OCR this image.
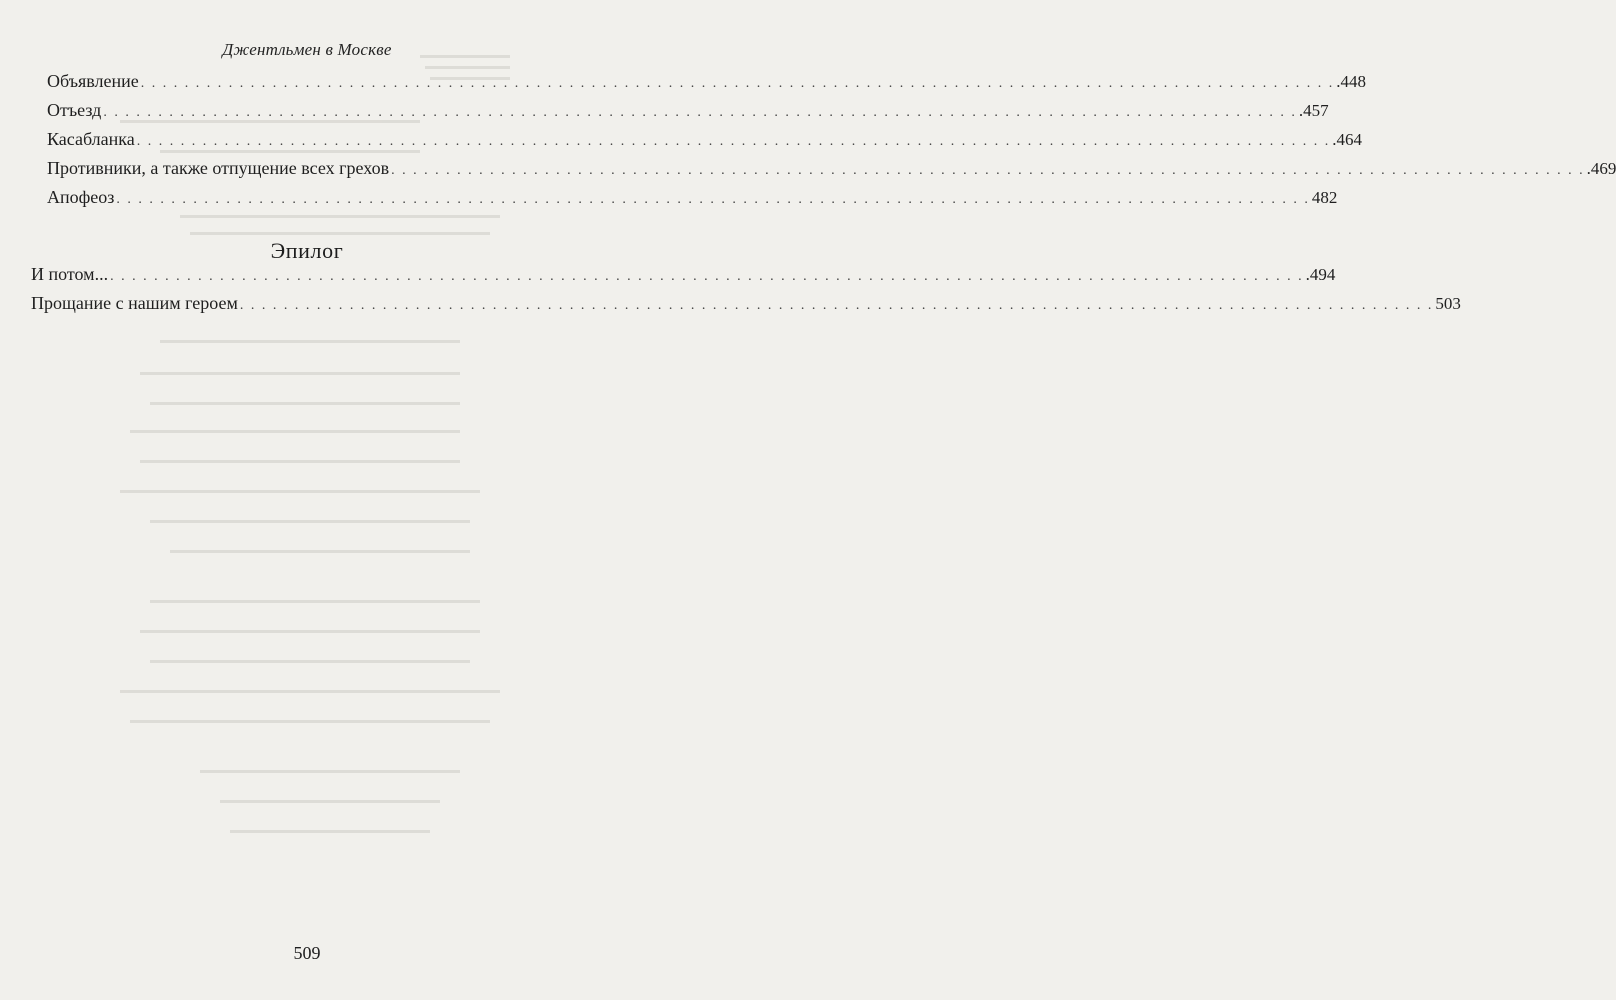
Джентльмен в Москве
Объявление . . . . . . . . . . . . . . . . . . . . . . . . . . . . . . . . . . . . . . . . . . . . . . . . . . . . . . . . . . . . . . . . . . . . . . . . . . . . . . . . . . . . . . . . . . . . . . . . . . . . . . . . . . . . . .448
Отъезд . . . . . . . . . . . . . . . . . . . . . . . . . . . . . . . . . . . . . . . . . . . . . . . . . . . . . . . . . . . . . . . . . . . . . . . . . . . . . . . . . . . . . . . . . . . . . . . . . . . . . . . . . . . . . .457
Касабланка . . . . . . . . . . . . . . . . . . . . . . . . . . . . . . . . . . . . . . . . . . . . . . . . . . . . . . . . . . . . . . . . . . . . . . . . . . . . . . . . . . . . . . . . . . . . . . . . . . . . . . . . . . . . . .464
Противники, а также отпущение всех грехов . . . . . . . . . . . . . . . . . . . . . . . . . . . . . . . . . . . . . . . . . . . . . . . . . . . . . . . . . . . . . . . . . . . . . . . . . . . . . . . . . . . . . . . . . . . . . . . . . . . . . . . . . . . . . .469
Апофеоз . . . . . . . . . . . . . . . . . . . . . . . . . . . . . . . . . . . . . . . . . . . . . . . . . . . . . . . . . . . . . . . . . . . . . . . . . . . . . . . . . . . . . . . . . . . . . . . . . . . . . . . . . . . . . 482
Эпилог
И потом... . . . . . . . . . . . . . . . . . . . . . . . . . . . . . . . . . . . . . . . . . . . . . . . . . . . . . . . . . . . . . . . . . . . . . . . . . . . . . . . . . . . . . . . . . . . . . . . . . . . . . . . . . . . . . .494
Прощание с нашим героем . . . . . . . . . . . . . . . . . . . . . . . . . . . . . . . . . . . . . . . . . . . . . . . . . . . . . . . . . . . . . . . . . . . . . . . . . . . . . . . . . . . . . . . . . . . . . . . . . . . . . . . . . . . . . 503
509
